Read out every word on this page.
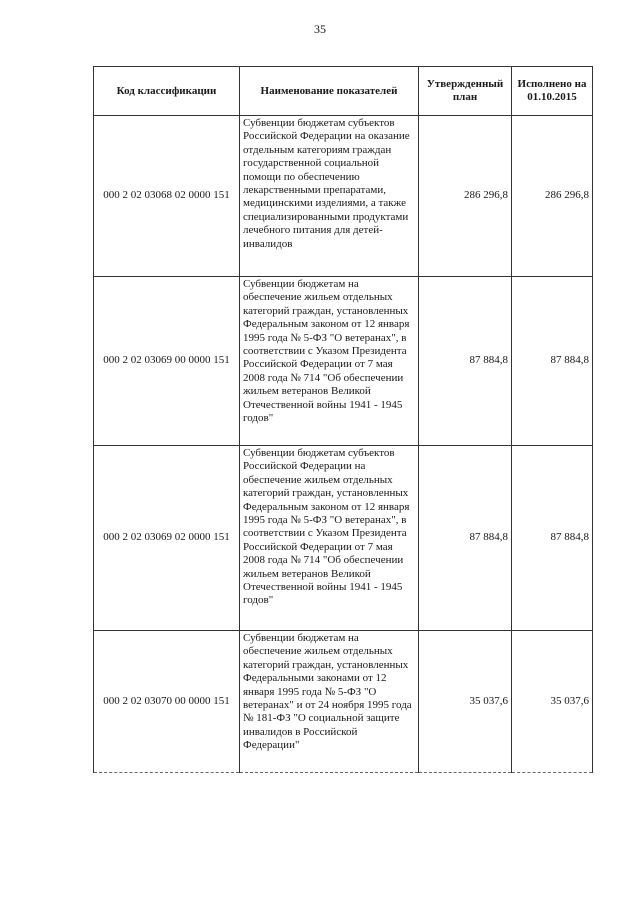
35
Код классификации	Наименование показателей	Утвержденный план	Исполнено на 01.10.2015
000 2 02 03068 02 0000 151	Субвенции бюджетам субъектов Российской Федерации на оказание отдельным категориям граждан государственной социальной помощи по обеспечению лекарственными препаратами, медицинскими изделиями, а также специализированными продуктами лечебного питания для детей-инвалидов	286 296,8	286 296,8
000 2 02 03069 00 0000 151	Субвенции бюджетам на обеспечение жильем отдельных категорий граждан, установленных Федеральным законом от 12 января 1995 года № 5-ФЗ "О ветеранах", в соответствии с Указом Президента Российской Федерации от 7 мая 2008 года № 714 "Об обеспечении жильем ветеранов Великой Отечественной войны 1941 - 1945 годов"	87 884,8	87 884,8
000 2 02 03069 02 0000 151	Субвенции бюджетам субъектов Российской Федерации на обеспечение жильем отдельных категорий граждан, установленных Федеральным законом от 12 января 1995 года № 5-ФЗ "О ветеранах", в соответствии с Указом Президента Российской Федерации от 7 мая 2008 года № 714 "Об обеспечении жильем ветеранов Великой Отечественной войны 1941 - 1945 годов"	87 884,8	87 884,8
000 2 02 03070 00 0000 151	Субвенции бюджетам на обеспечение жильем отдельных категорий граждан, установленных Федеральными законами от 12 января 1995 года № 5-ФЗ "О ветеранах" и от 24 ноября 1995 года № 181-ФЗ "О социальной защите инвалидов в Российской Федерации"	35 037,6	35 037,6
